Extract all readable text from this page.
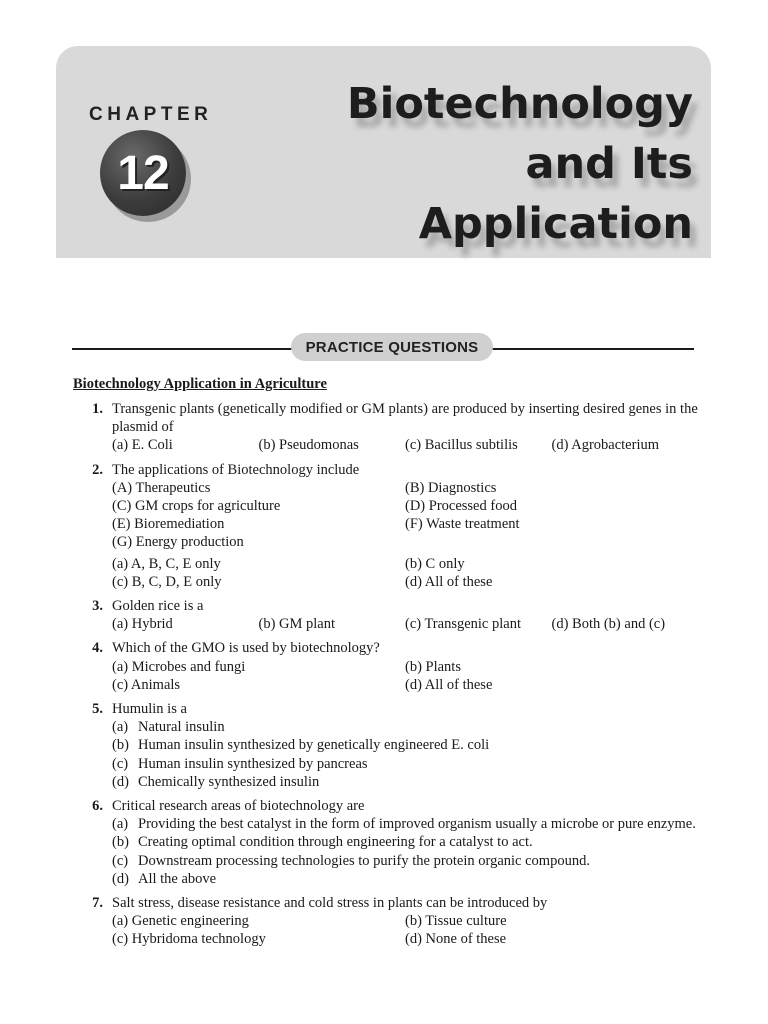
CHAPTER
12
Biotechnology
and Its
Application
PRACTICE QUESTIONS
Biotechnology Application in Agriculture
1. Transgenic plants (genetically modified or GM plants) are produced by inserting desired genes in the plasmid of
(a) E. Coli	(b) Pseudomonas	(c) Bacillus subtilis	(d) Agrobacterium
2. The applications of Biotechnology include
(A) Therapeutics	(B) Diagnostics
(C) GM crops for agriculture	(D) Processed food
(E) Bioremediation	(F) Waste treatment
(G) Energy production
(a) A, B, C, E only	(b) C only
(c) B, C, D, E only	(d) All of these
3. Golden rice is a
(a) Hybrid	(b) GM plant	(c) Transgenic plant	(d) Both (b) and (c)
4. Which of the GMO is used by biotechnology?
(a) Microbes and fungi	(b) Plants
(c) Animals	(d) All of these
5. Humulin is a
(a) Natural insulin
(b) Human insulin synthesized by genetically engineered E. coli
(c) Human insulin synthesized by pancreas
(d) Chemically synthesized insulin
6. Critical research areas of biotechnology are
(a) Providing the best catalyst in the form of improved organism usually a microbe or pure enzyme.
(b) Creating optimal condition through engineering for a catalyst to act.
(c) Downstream processing technologies to purify the protein organic compound.
(d) All the above
7. Salt stress, disease resistance and cold stress in plants can be introduced by
(a) Genetic engineering	(b) Tissue culture
(c) Hybridoma technology	(d) None of these
